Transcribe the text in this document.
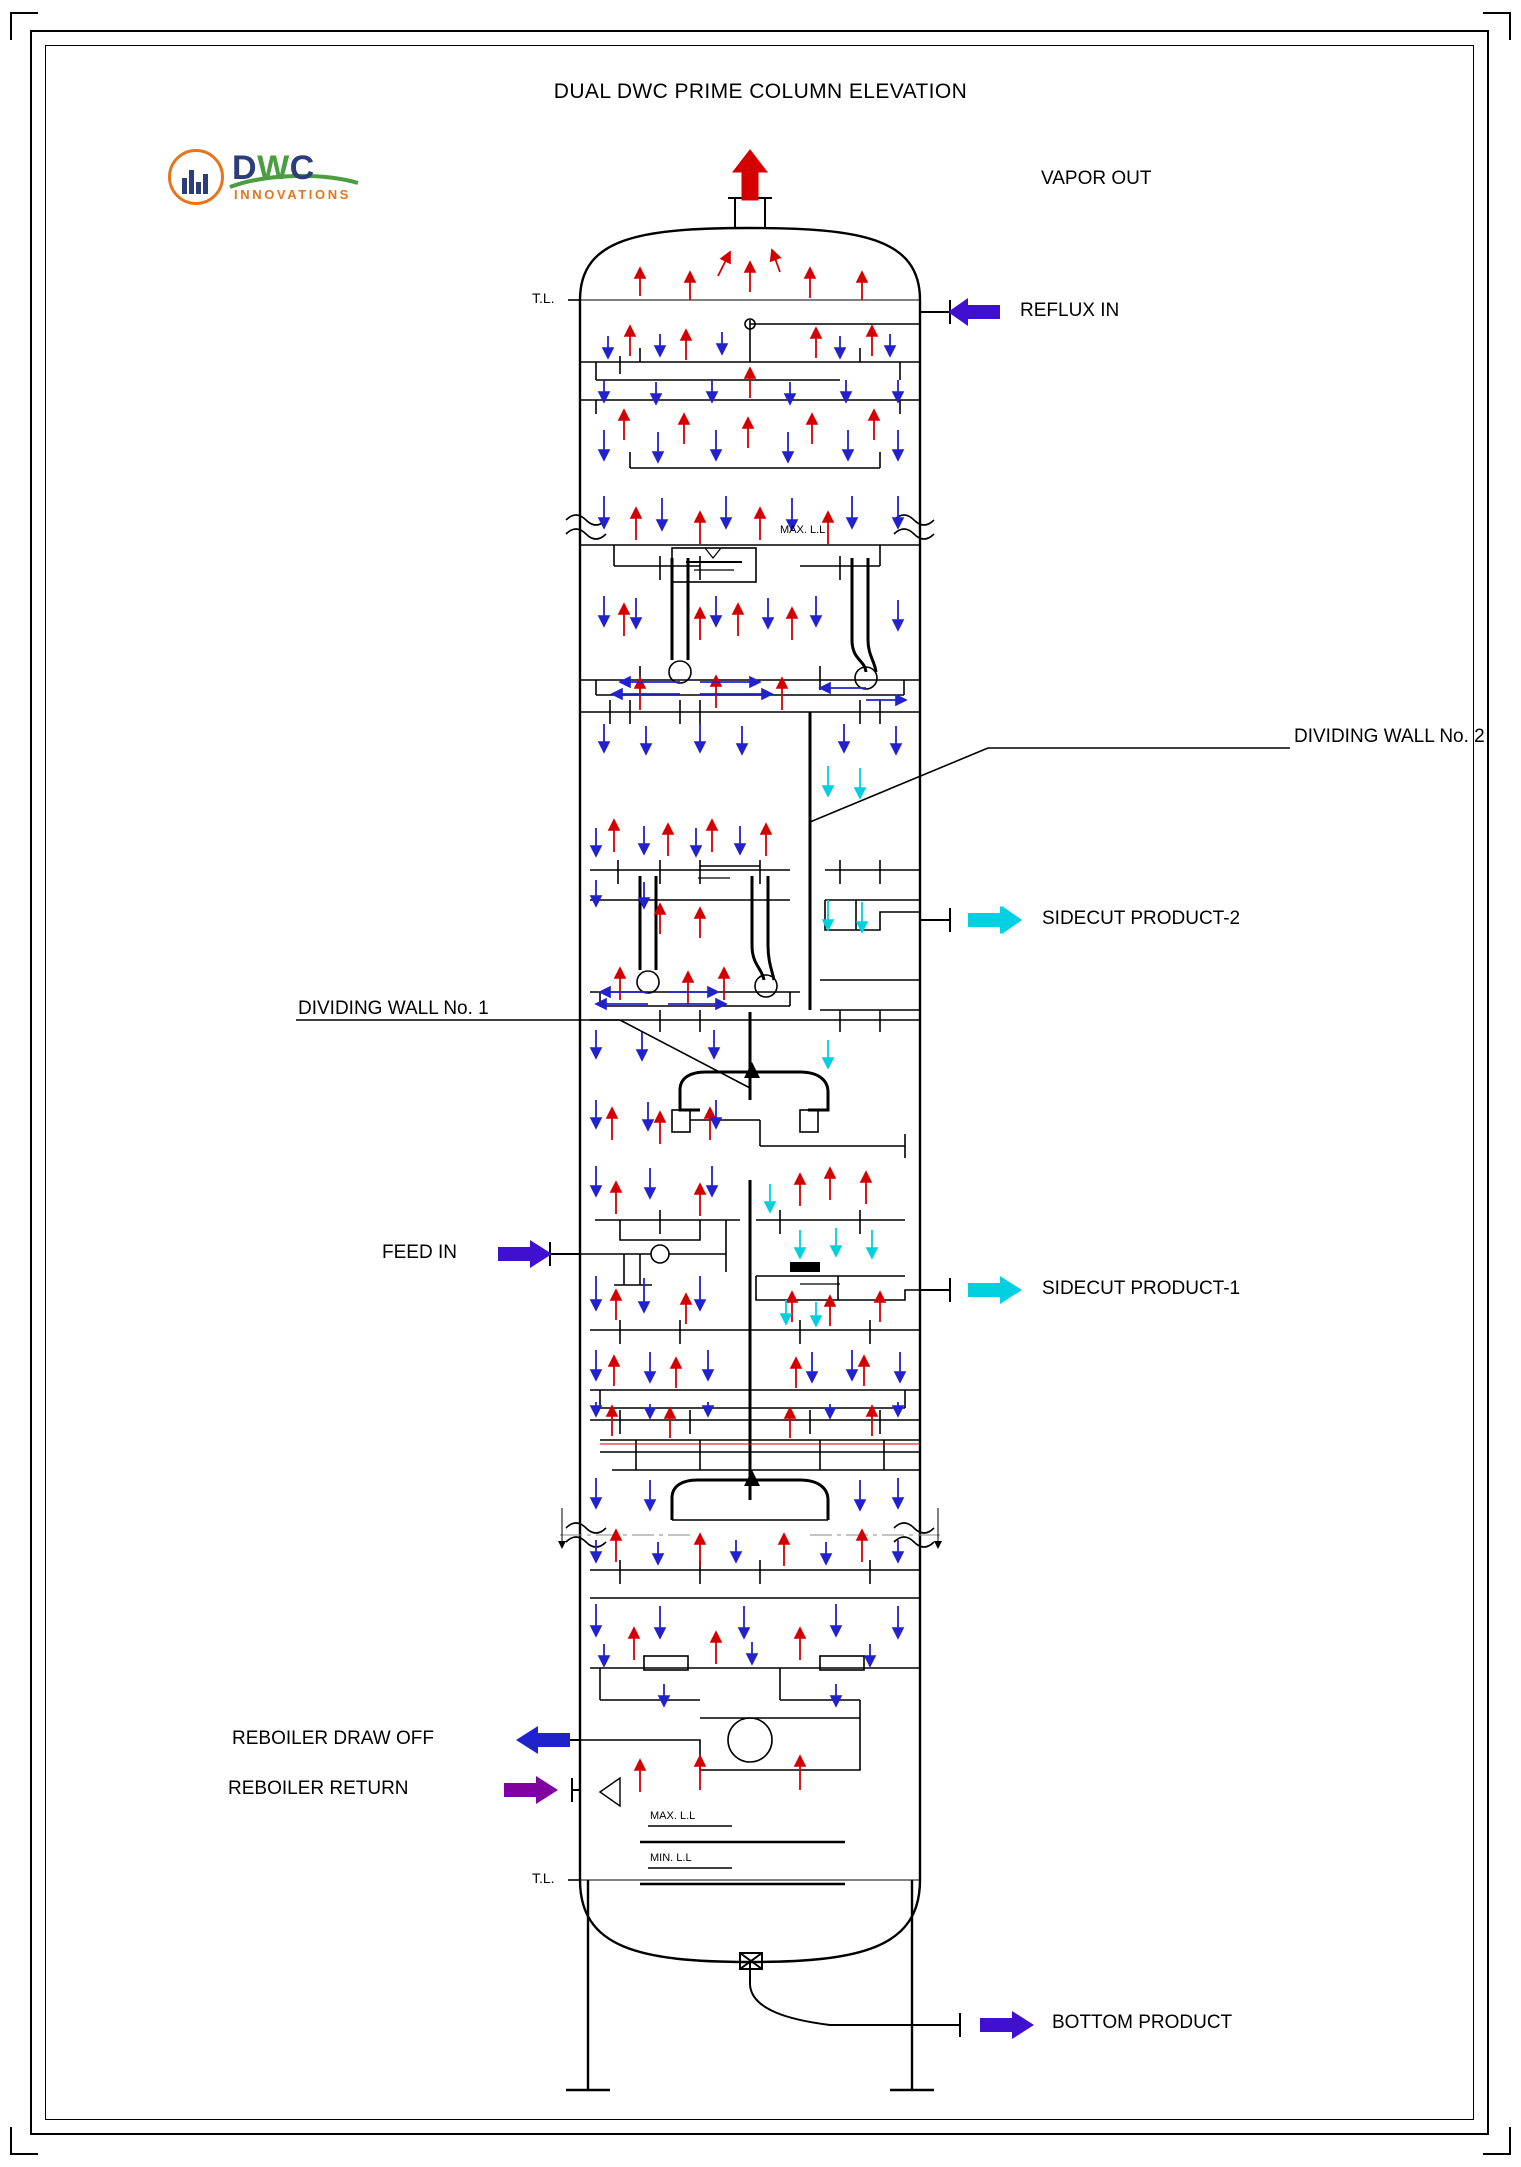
DUAL DWC PRIME COLUMN ELEVATION
DWC
INNOVATIONS
VAPOR OUT
REFLUX IN
SIDECUT PRODUCT-2
SIDECUT PRODUCT-1
FEED IN
REBOILER DRAW OFF
REBOILER RETURN
BOTTOM PRODUCT
DIVIDING WALL No. 2
DIVIDING WALL No. 1
T.L.
T.L.
MAX. L.L
MAX. L.L
MIN. L.L
